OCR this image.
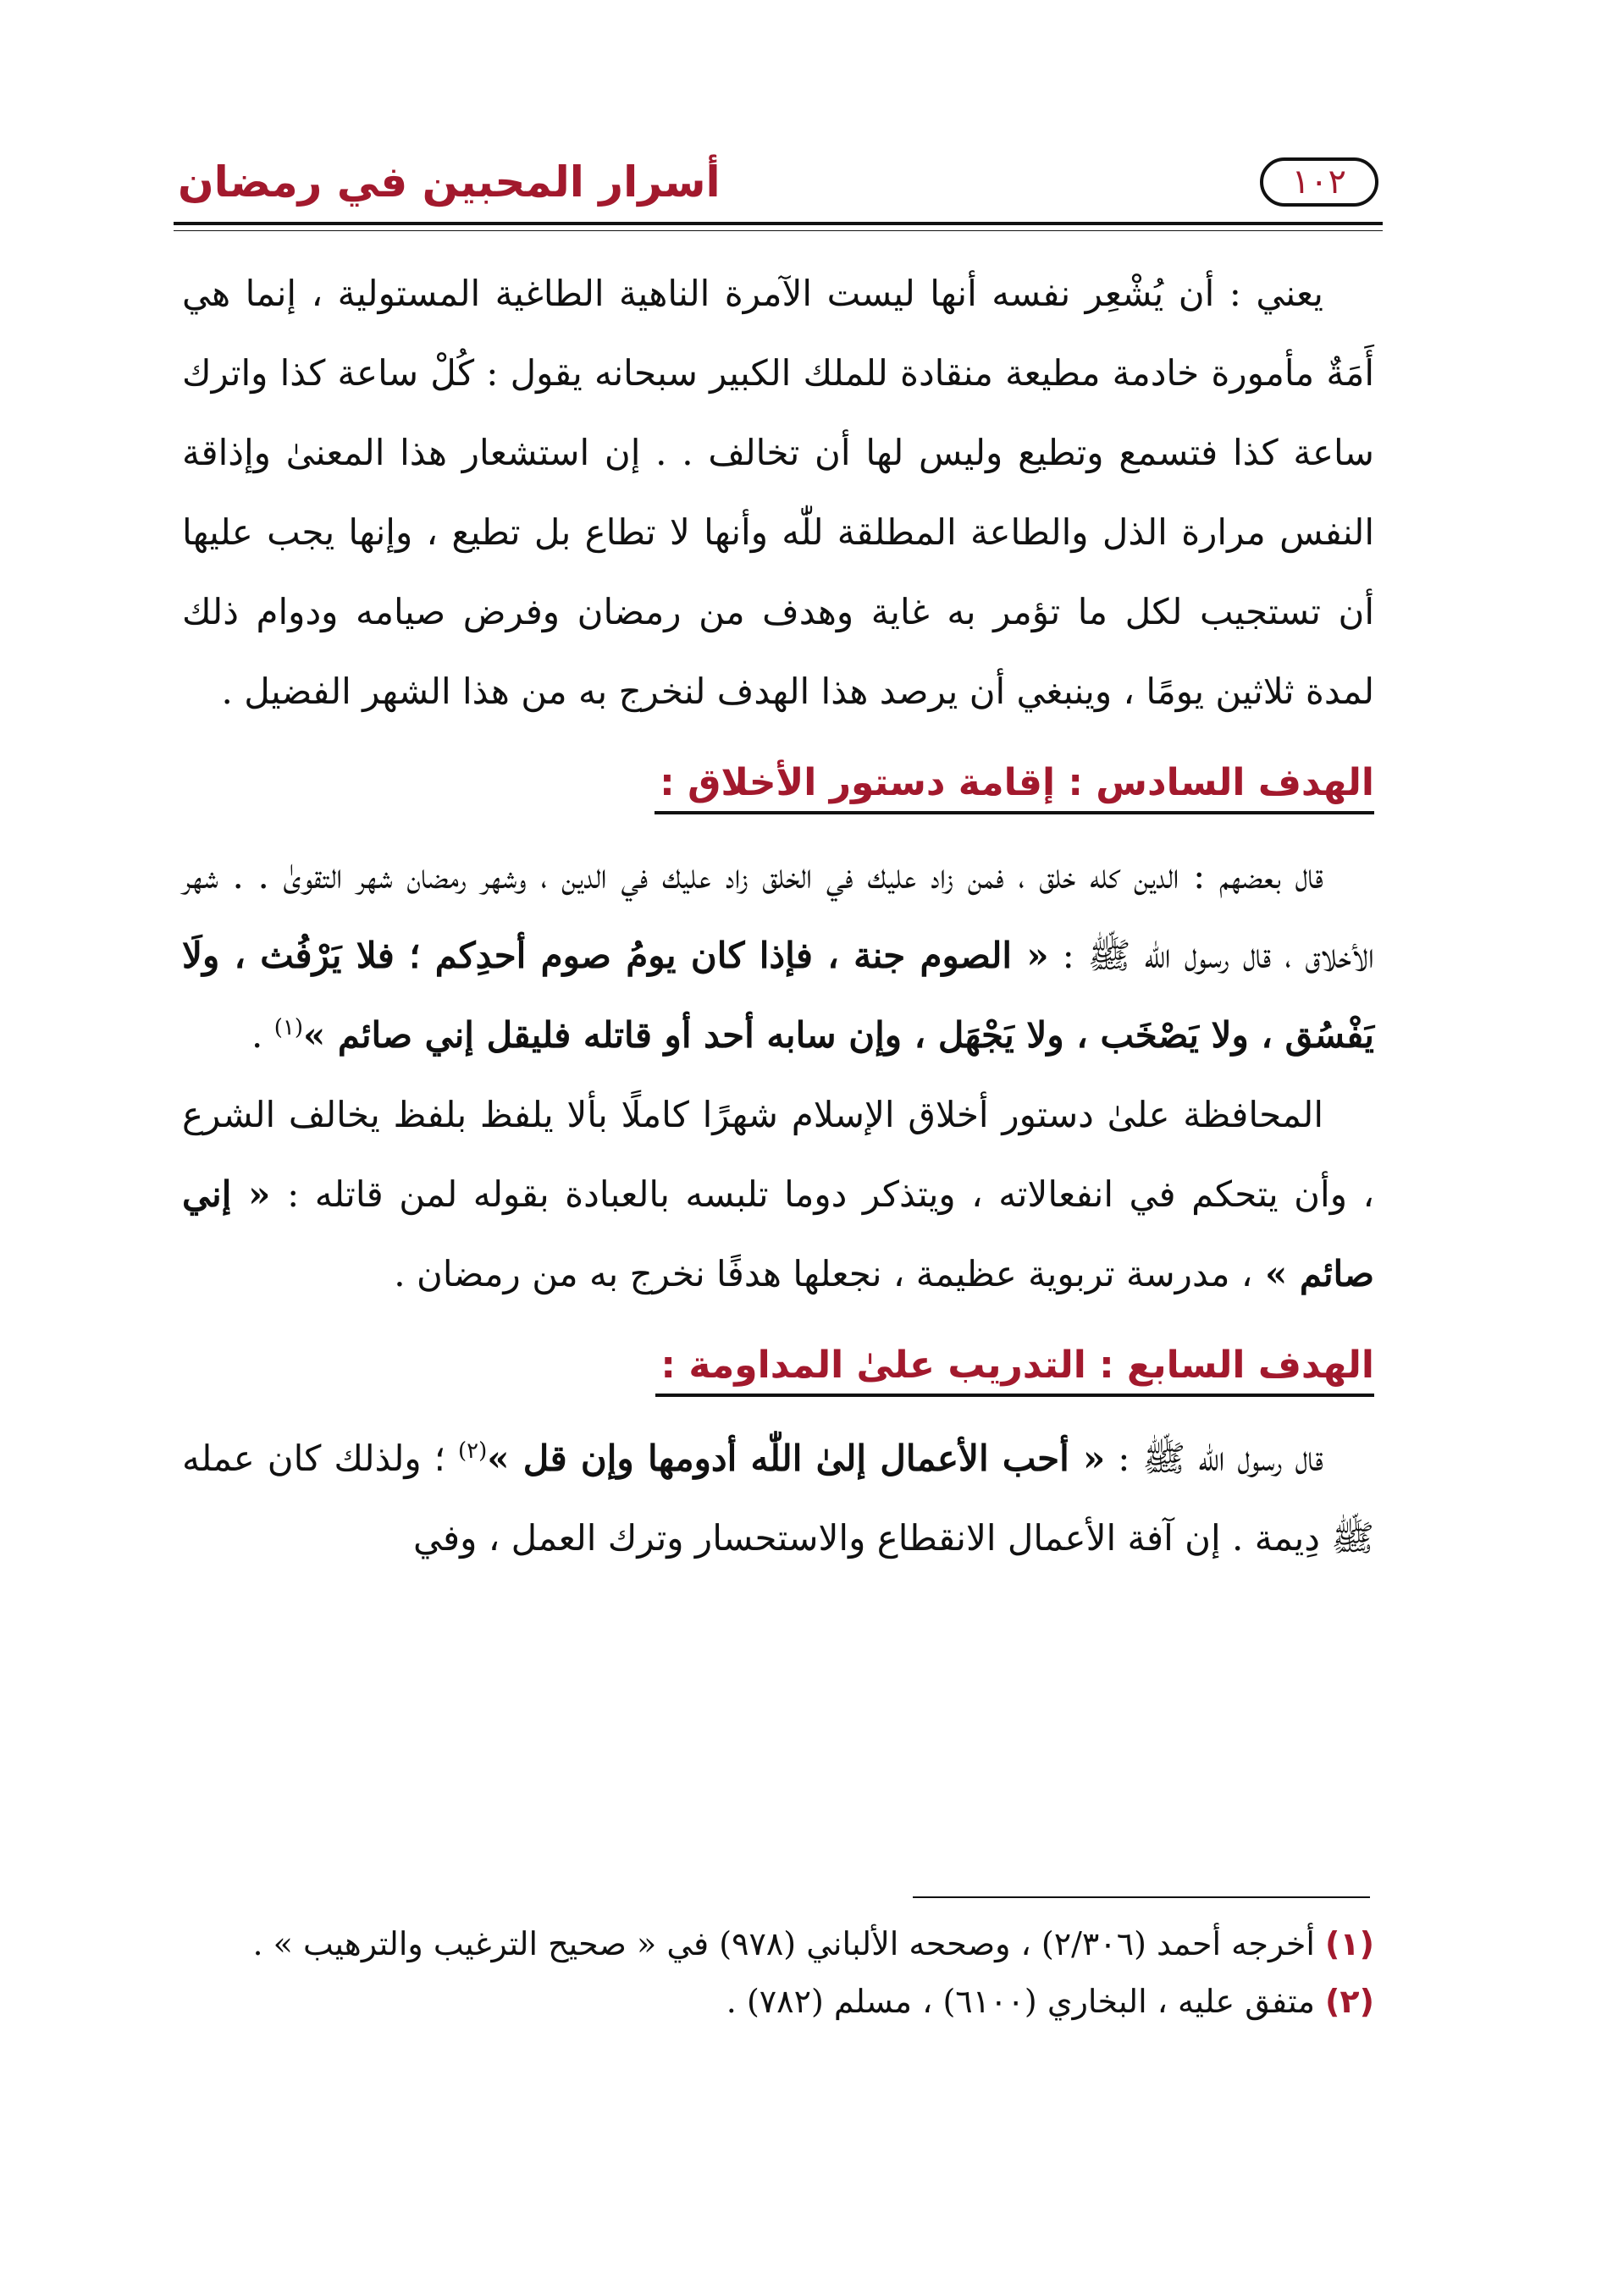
١٠٢
أسرار المحبين في رمضان

يعني : أن يُشْعِر نفسه أنها ليست الآمرة الناهية الطاغية المستولية ، إنما هي أَمَةٌ مأمورة خادمة مطيعة منقادة للملك الكبير سبحانه يقول : كُلْ ساعة كذا واترك ساعة كذا فتسمع وتطيع وليس لها أن تخالف . . إن استشعار هذا المعنىٰ وإذاقة النفس مرارة الذل والطاعة المطلقة للّٰه وأنها لا تطاع بل تطيع ، وإنها يجب عليها أن تستجيب لكل ما تؤمر به غاية وهدف من رمضان وفرض صيامه ودوام ذلك لمدة ثلاثين يومًا ، وينبغي أن يرصد هذا الهدف لنخرج به من هذا الشهر الفضيل .

الهدف السادس : إقامة دستور الأخلاق :

قال بعضهم : الدين كله خلق ، فمن زاد عليك في الخلق زاد عليك في الدين ، وشهر رمضان شهر التقوىٰ . . شهر الأخلاق ، قال رسول اللّٰه ﷺ : « الصوم جنة ، فإذا كان يومُ صوم أحدِكم ؛ فلا يَرْفُث ، ولَا يَفْسُق ، ولا يَصْخَب ، ولا يَجْهَل ، وإن سابه أحد أو قاتله فليقل إني صائم »$^{(١)}$ .

المحافظة علىٰ دستور أخلاق الإسلام شهرًا كاملًا بألا يلفظ بلفظ يخالف الشرع ، وأن يتحكم في انفعالاته ، ويتذكر دوما تلبسه بالعبادة بقوله لمن قاتله : « إني صائم » ، مدرسة تربوية عظيمة ، نجعلها هدفًا نخرج به من رمضان .

الهدف السابع : التدريب علىٰ المداومة :

قال رسول اللّٰه ﷺ : « أحب الأعمال إلىٰ اللّٰه أدومها وإن قل »$^{(٢)}$ ؛ ولذلك كان عمله ﷺ دِيمة . إن آفة الأعمال الانقطاع والاستحسار وترك العمل ، وفي

(١) أخرجه أحمد (٢/٣٠٦) ، وصححه الألباني (٩٧٨) في « صحيح الترغيب والترهيب » .
(٢) متفق عليه ، البخاري (٦١٠٠) ، مسلم (٧٨٢) .
